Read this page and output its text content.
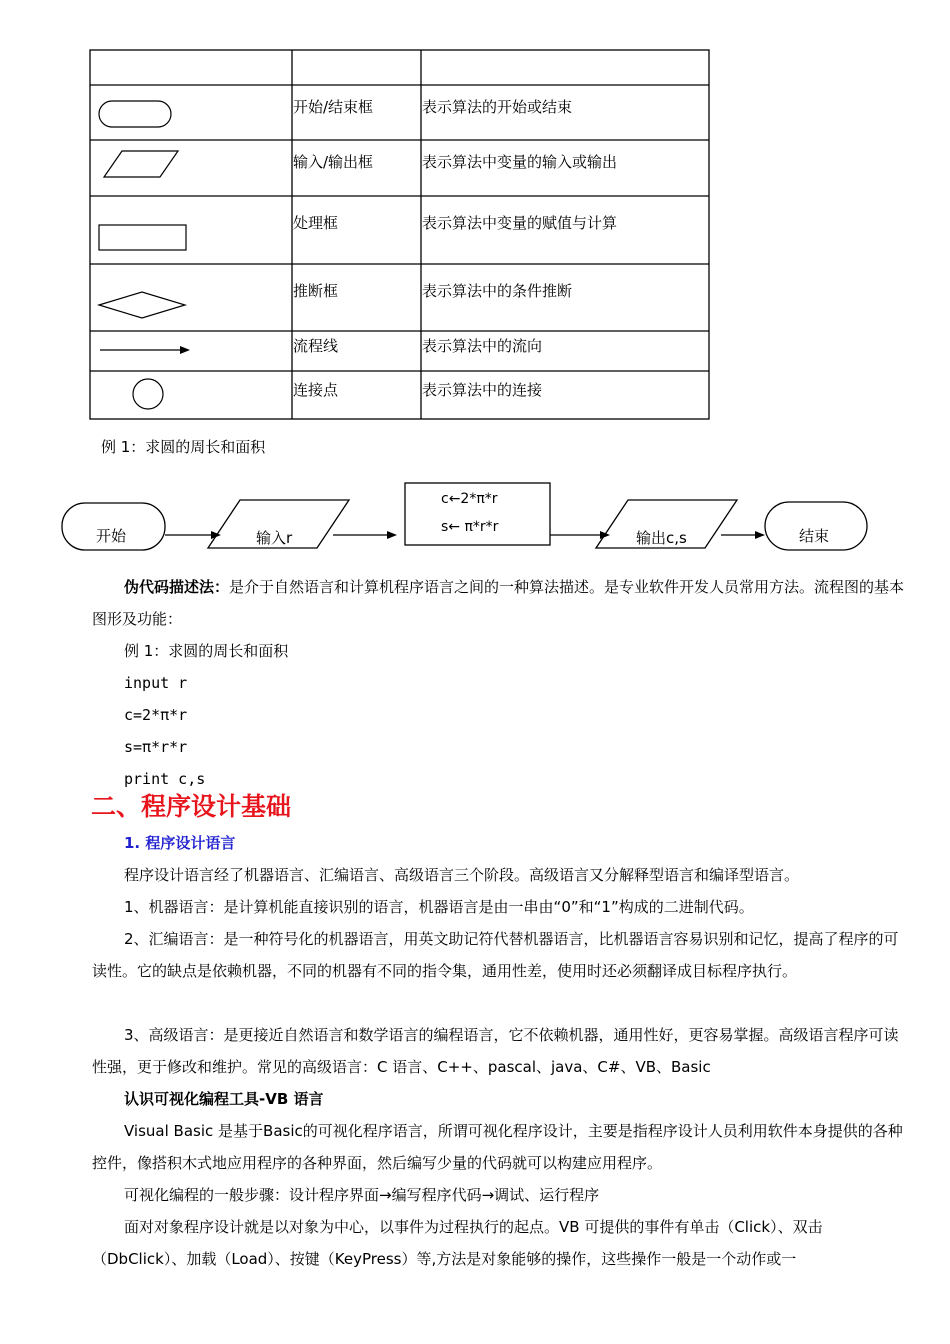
开始/结束框	表示算法的开始或结束
输入/输出框	表示算法中变量的输入或输出
处理框	表示算法中变量的赋值与计算
推断框	表示算法中的条件推断
流程线	表示算法中的流向
连接点	表示算法中的连接
例 1：求圆的周长和面积
开始	输入r
c←2*π*r
s← π*r*r
输出c,s	结束
伪代码描述法：是介于自然语言和计算机程序语言之间的一种算法描述。是专业软件开发人员常用方法。流程图的基本图形及功能：
例 1：求圆的周长和面积
input r
c=2*π*r
s=π*r*r
print c,s
二、程序设计基础
1. 程序设计语言
程序设计语言经了机器语言、汇编语言、高级语言三个阶段。高级语言又分解释型语言和编译型语言。
1、机器语言：是计算机能直接识别的语言，机器语言是由一串由“0”和“1”构成的二进制代码。
2、汇编语言：是一种符号化的机器语言，用英文助记符代替机器语言，比机器语言容易识别和记忆，提高了程序的可读性。它的缺点是依赖机器，不同的机器有不同的指令集，通用性差，使用时还必须翻译成目标程序执行。
3、高级语言：是更接近自然语言和数学语言的编程语言，它不依赖机器，通用性好，更容易掌握。高级语言程序可读性强，更于修改和维护。常见的高级语言：C 语言、C++、pascal、java、C#、VB、Basic
认识可视化编程工具-VB 语言
Visual Basic 是基于Basic的可视化程序语言，所谓可视化程序设计，主要是指程序设计人员利用软件本身提供的各种控件，像搭积木式地应用程序的各种界面，然后编写少量的代码就可以构建应用程序。
可视化编程的一般步骤：设计程序界面→编写程序代码→调试、运行程序
面对对象程序设计就是以对象为中心，以事件为过程执行的起点。VB 可提供的事件有单击（Click）、双击（DbClick）、加载（Load）、按键（KeyPress）等,方法是对象能够的操作，这些操作一般是一个动作或一
